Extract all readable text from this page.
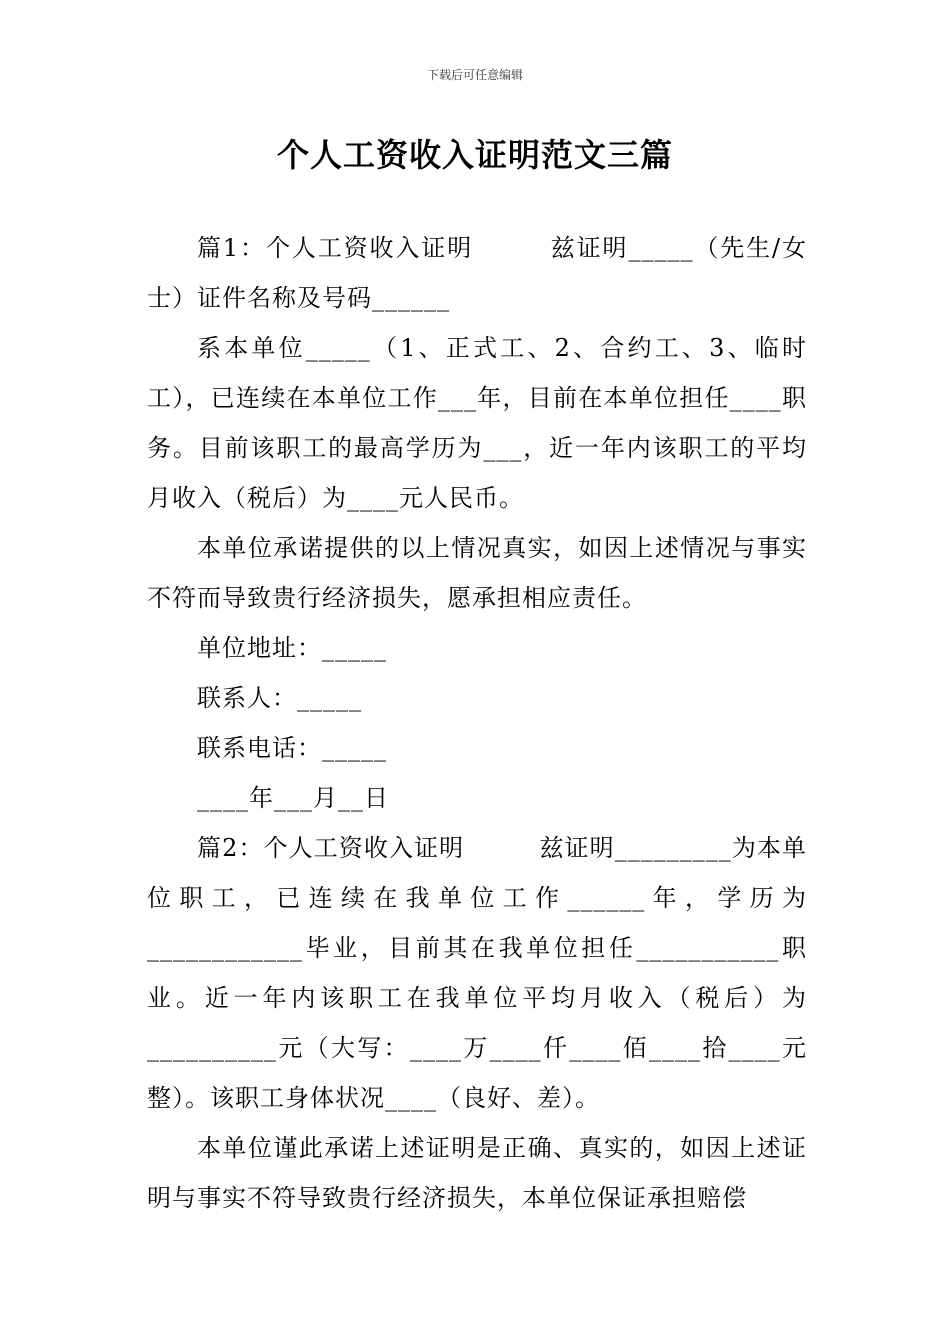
下载后可任意编辑
个人工资收入证明范文三篇

篇1：个人工资收入证明　　　兹证明_____（先生/女士）证件名称及号码______

系本单位_____（1、正式工、2、合约工、3、临时工），已连续在本单位工作___年，目前在本单位担任____职务。目前该职工的最高学历为___，近一年内该职工的平均月收入（税后）为____元人民币。

本单位承诺提供的以上情况真实，如因上述情况与事实不符而导致贵行经济损失，愿承担相应责任。

单位地址：_____

联系人：_____

联系电话：_____

____年___月__日

篇2：个人工资收入证明　　　兹证明_________为本单位职工，已连续在我单位工作______年，学历为____________毕业，目前其在我单位担任___________职业。近一年内该职工在我单位平均月收入（税后）为__________元（大写：____万____仟____佰____拾____元整）。该职工身体状况____（良好、差）。

本单位谨此承诺上述证明是正确、真实的，如因上述证明与事实不符导致贵行经济损失，本单位保证承担赔偿
